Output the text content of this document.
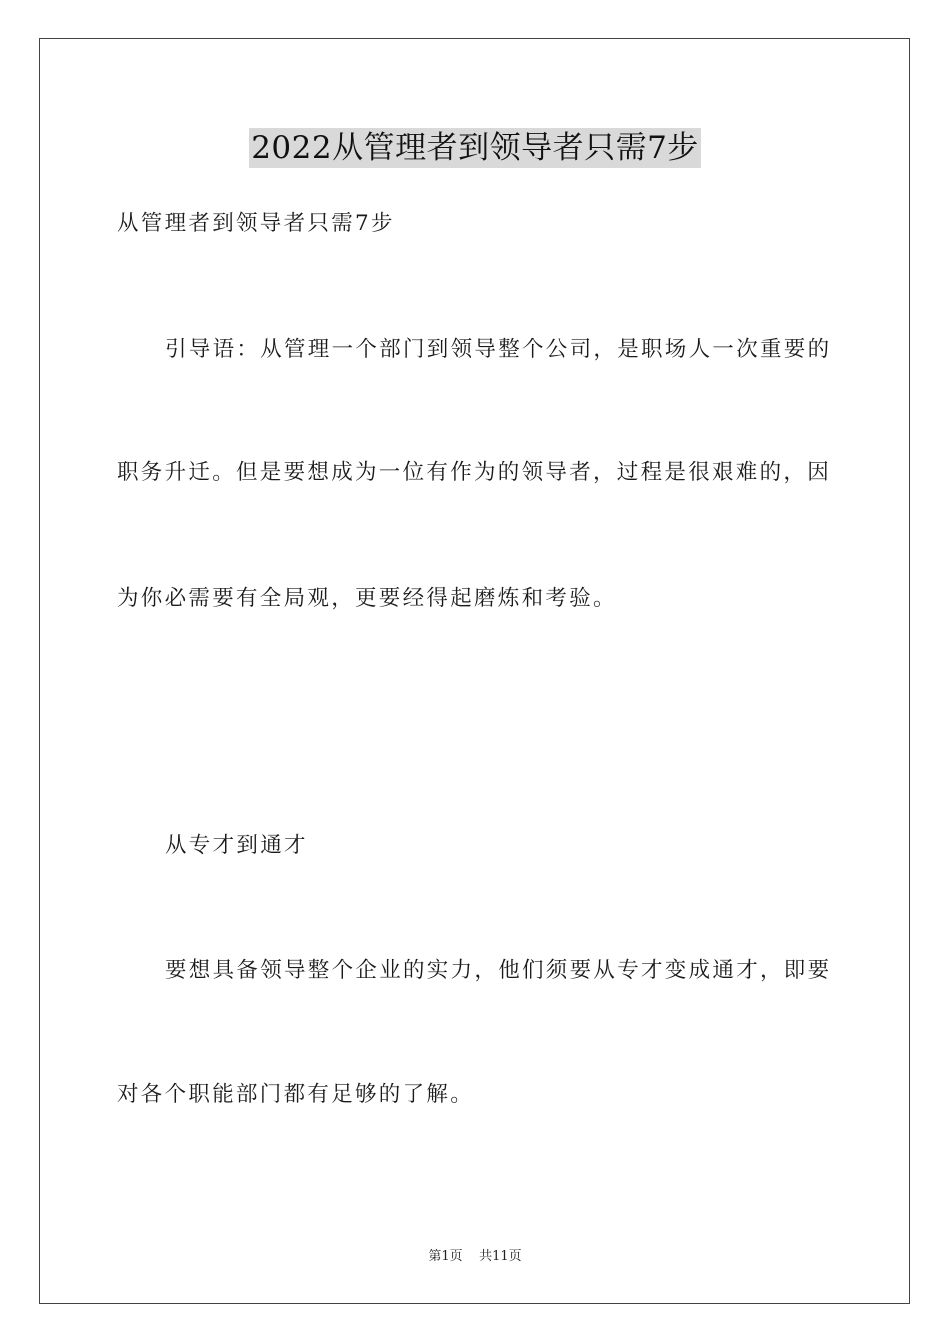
2022从管理者到领导者只需7步
从管理者到领导者只需7步
引导语：从管理一个部门到领导整个公司，是职场人一次重要的
职务升迁。但是要想成为一位有作为的领导者，过程是很艰难的，因
为你必需要有全局观，更要经得起磨炼和考验。
从专才到通才
要想具备领导整个企业的实力，他们须要从专才变成通才，即要
对各个职能部门都有足够的了解。
第1页 共11页
